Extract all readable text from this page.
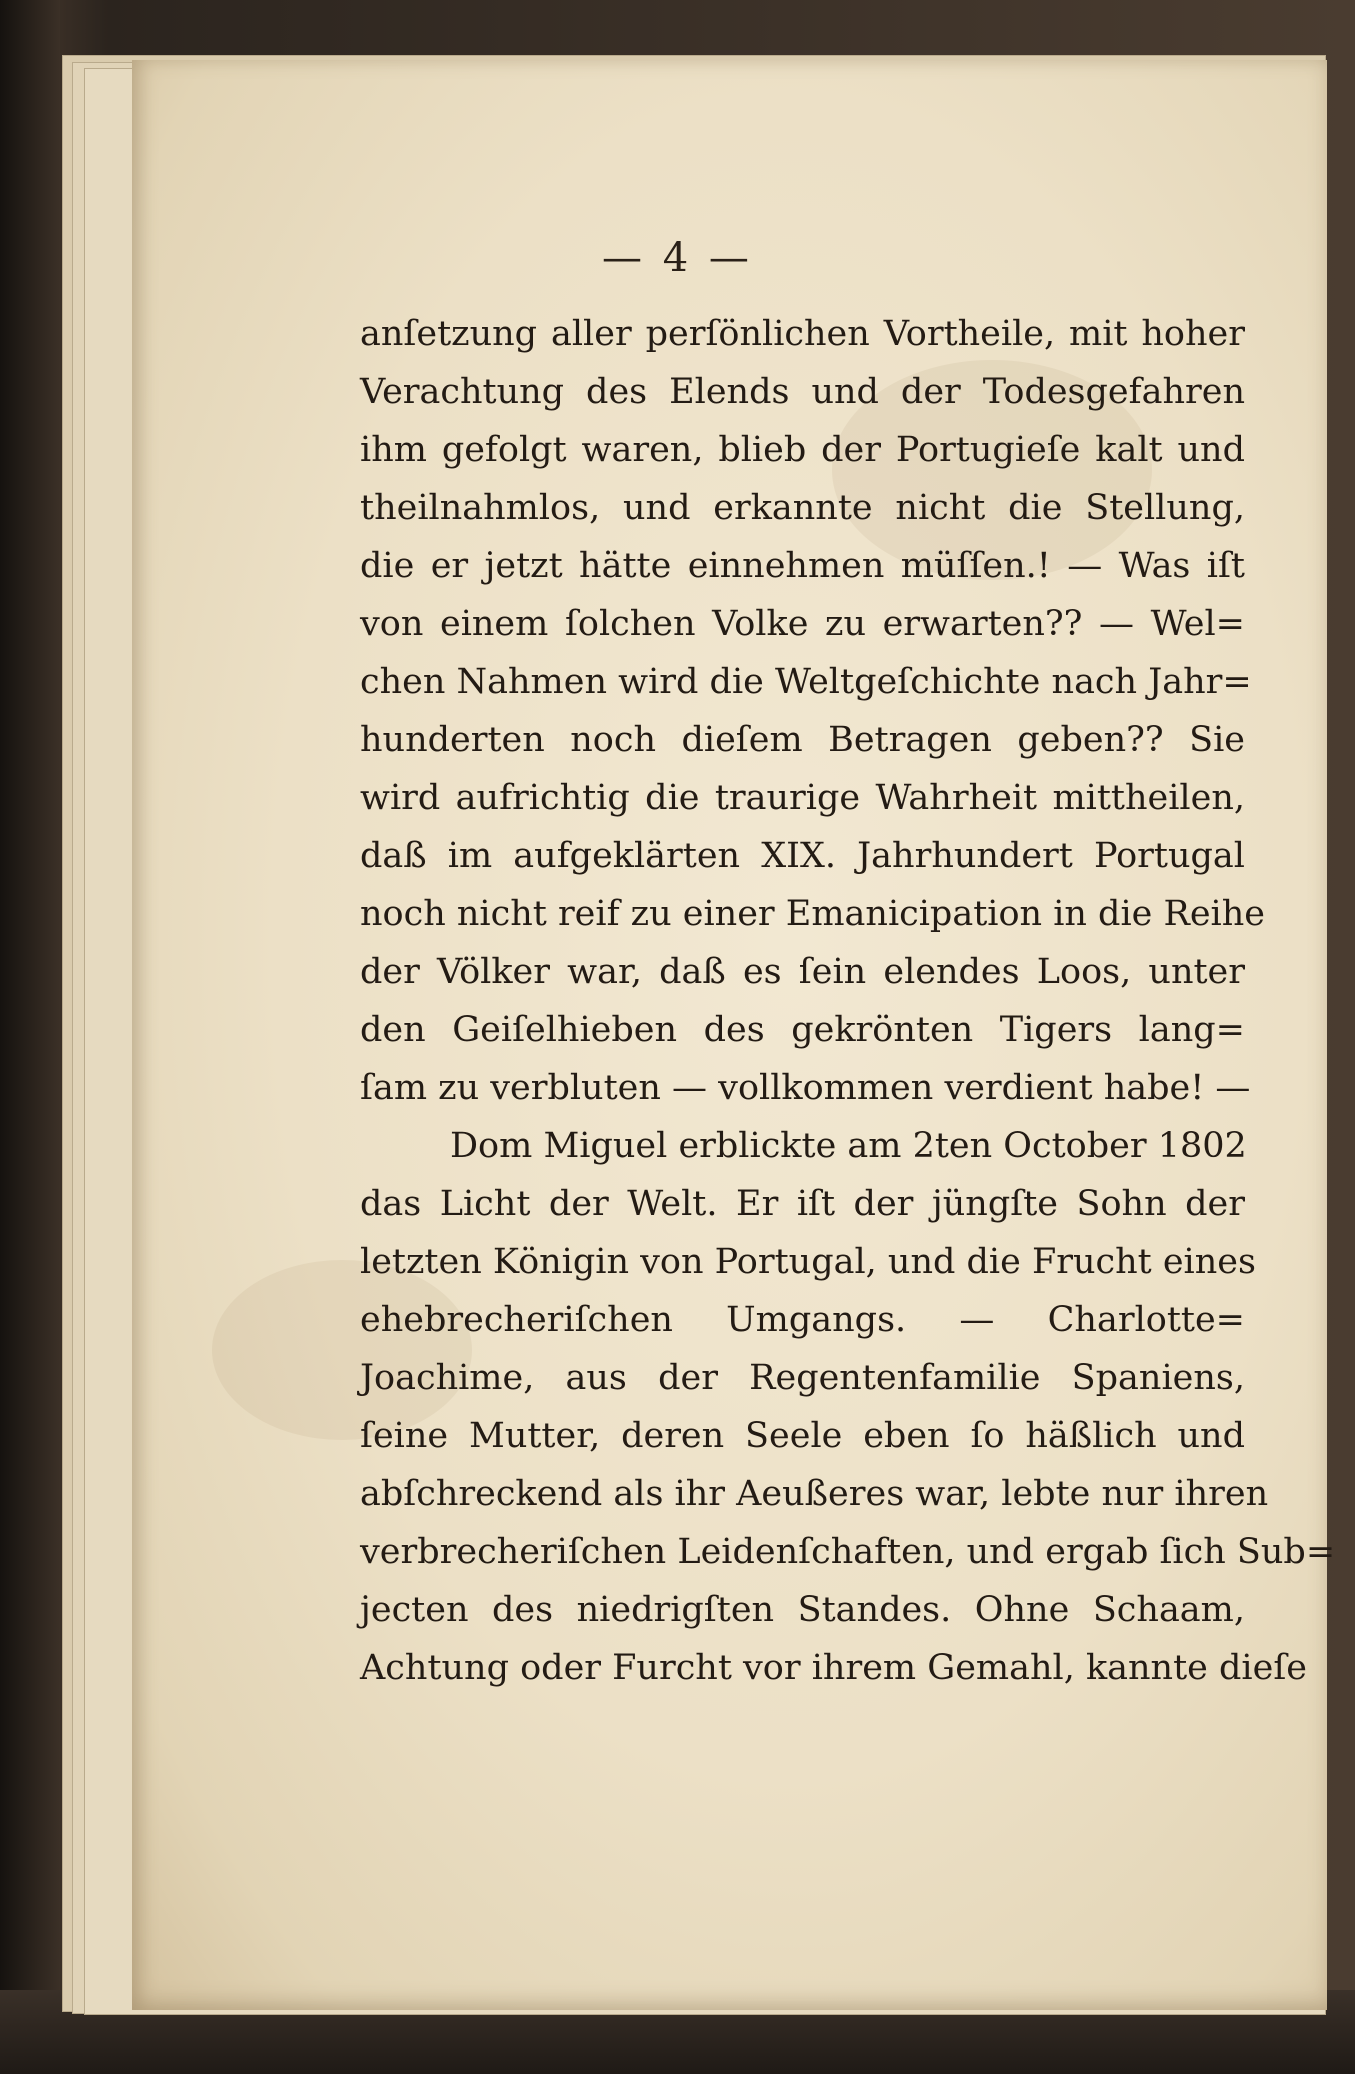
— 4 —
anſetzung aller perſönlichen Vortheile, mit hoher
Verachtung des Elends und der Todesgefahren
ihm gefolgt waren, blieb der Portugieſe kalt und
theilnahmlos, und erkannte nicht die Stellung,
die er jetzt hätte einnehmen müſſen.! — Was iſt
von einem ſolchen Volke zu erwarten?? — Wel=
chen Nahmen wird die Weltgeſchichte nach Jahr=
hunderten noch dieſem Betragen geben?? Sie
wird aufrichtig die traurige Wahrheit mittheilen,
daß im aufgeklärten XIX. Jahrhundert Portugal
noch nicht reif zu einer Emanicipation in die Reihe
der Völker war, daß es ſein elendes Loos, unter
den Geiſelhieben des gekrönten Tigers lang=
ſam zu verbluten — vollkommen verdient habe! —
Dom Miguel erblickte am 2ten October 1802
das Licht der Welt. Er iſt der jüngſte Sohn der
letzten Königin von Portugal, und die Frucht eines
ehebrecheriſchen Umgangs. — Charlotte=
Joachime, aus der Regentenfamilie Spaniens,
ſeine Mutter, deren Seele eben ſo häßlich und
abſchreckend als ihr Aeußeres war, lebte nur ihren
verbrecheriſchen Leidenſchaften, und ergab ſich Sub=
jecten des niedrigſten Standes. Ohne Schaam,
Achtung oder Furcht vor ihrem Gemahl, kannte dieſe
